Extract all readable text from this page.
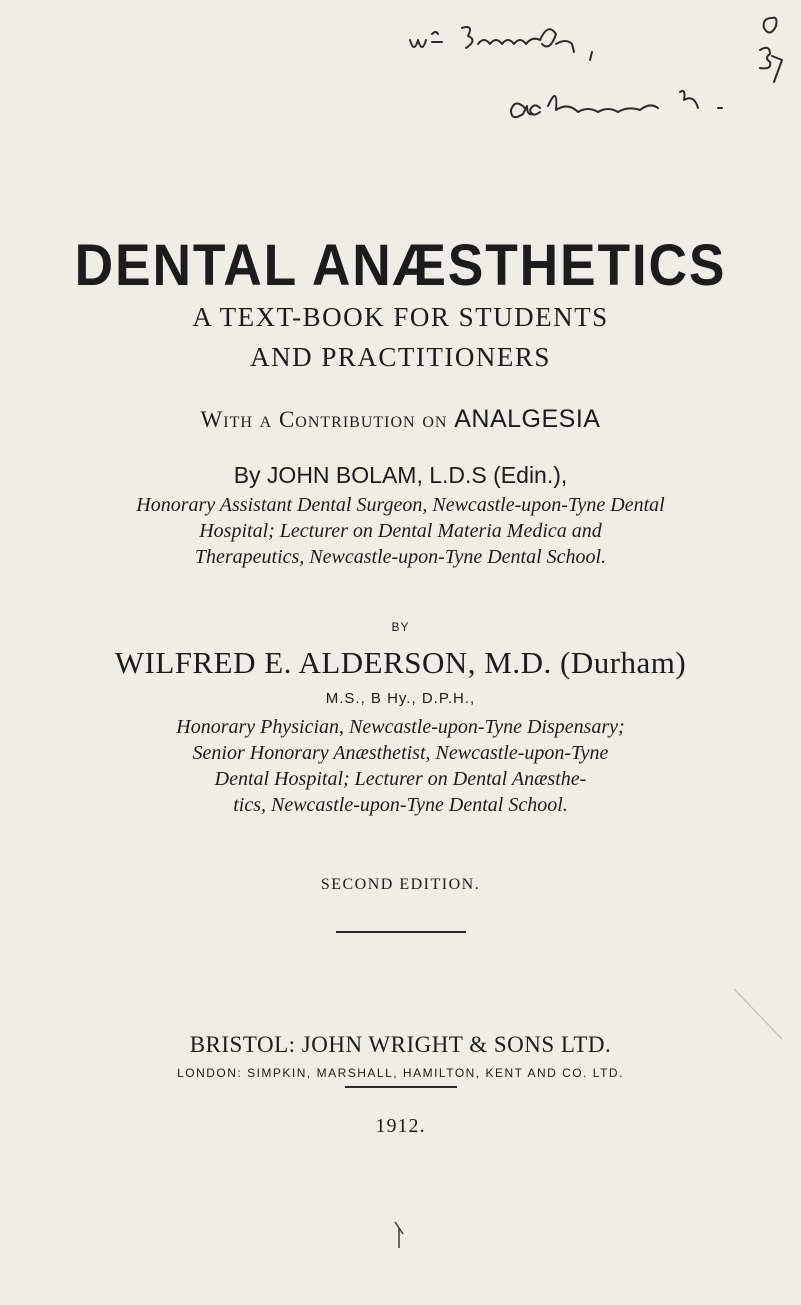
DENTAL ANÆSTHETICS
A TEXT-BOOK FOR STUDENTS
AND PRACTITIONERS
With a Contribution on ANALGESIA
By JOHN BOLAM, L.D.S (Edin.),
Honorary Assistant Dental Surgeon, Newcastle-upon-Tyne Dental
Hospital; Lecturer on Dental Materia Medica and
Therapeutics, Newcastle-upon-Tyne Dental School.
BY
WILFRED E. ALDERSON, M.D. (Durham)
M.S., B Hy., D.P.H.,
Honorary Physician, Newcastle-upon-Tyne Dispensary;
Senior Honorary Anæsthetist, Newcastle-upon-Tyne
Dental Hospital; Lecturer on Dental Anæsthe-
tics, Newcastle-upon-Tyne Dental School.
SECOND EDITION.
BRISTOL: JOHN WRIGHT & SONS LTD.
LONDON: SIMPKIN, MARSHALL, HAMILTON, KENT AND CO. LTD.
1912.
